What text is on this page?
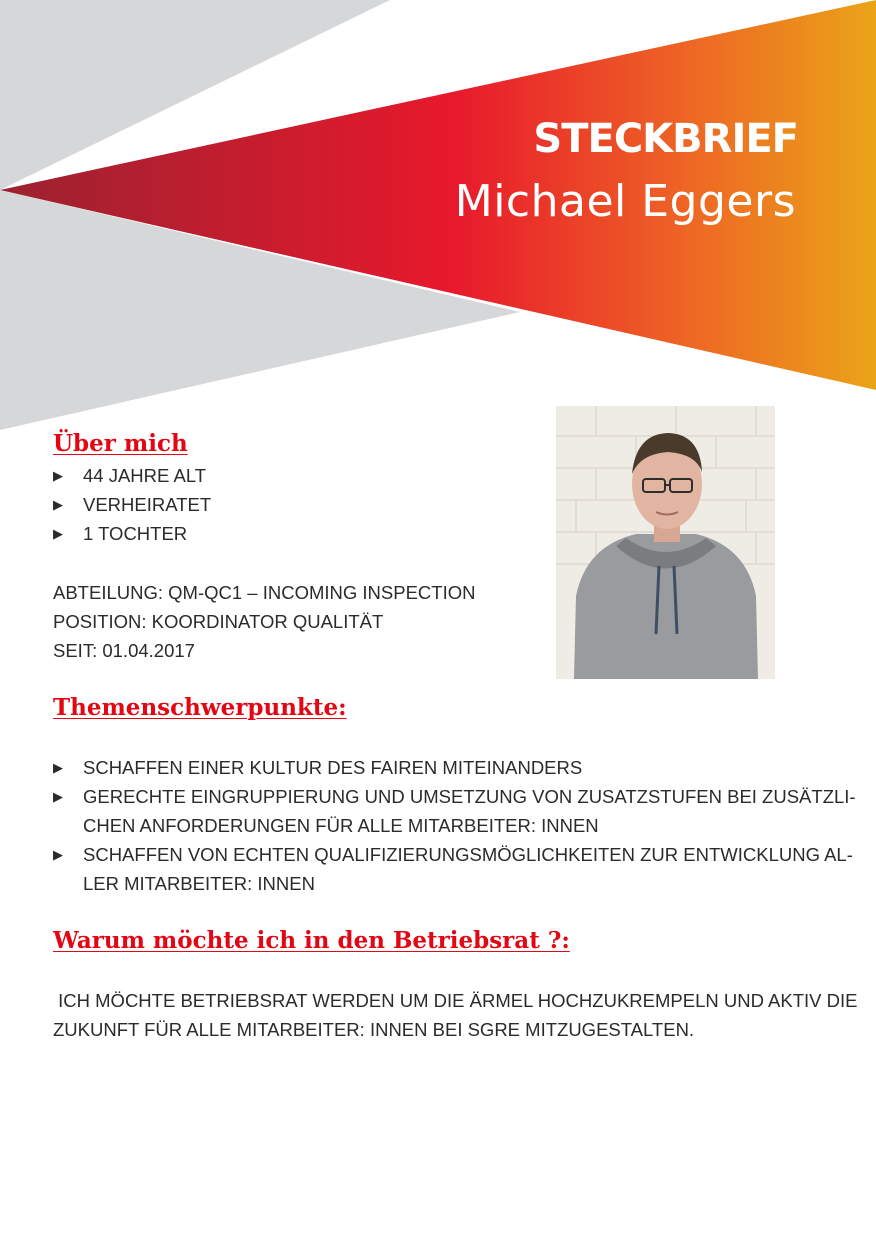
STECKBRIEF
Michael Eggers
Über mich
▶ 44 JAHRE ALT
▶ VERHEIRATET
▶ 1 TOCHTER
ABTEILUNG: QM-QC1 – INCOMING INSPECTION
POSITION: KOORDINATOR QUALITÄT
SEIT: 01.04.2017
Themenschwerpunkte:
▶ SCHAFFEN EINER KULTUR DES FAIREN MITEINANDERS
▶ GERECHTE EINGRUPPIERUNG UND UMSETZUNG VON ZUSATZSTUFEN BEI ZUSÄTZLI-
CHEN ANFORDERUNGEN FÜR ALLE MITARBEITER: INNEN
▶ SCHAFFEN VON ECHTEN QUALIFIZIERUNGSMÖGLICHKEITEN ZUR ENTWICKLUNG AL-
LER MITARBEITER: INNEN
Warum möchte ich in den Betriebsrat ?:
ICH MÖCHTE BETRIEBSRAT WERDEN UM DIE ÄRMEL HOCHZUKREMPELN UND AKTIV DIE
ZUKUNFT FÜR ALLE MITARBEITER: INNEN BEI SGRE MITZUGESTALTEN.
